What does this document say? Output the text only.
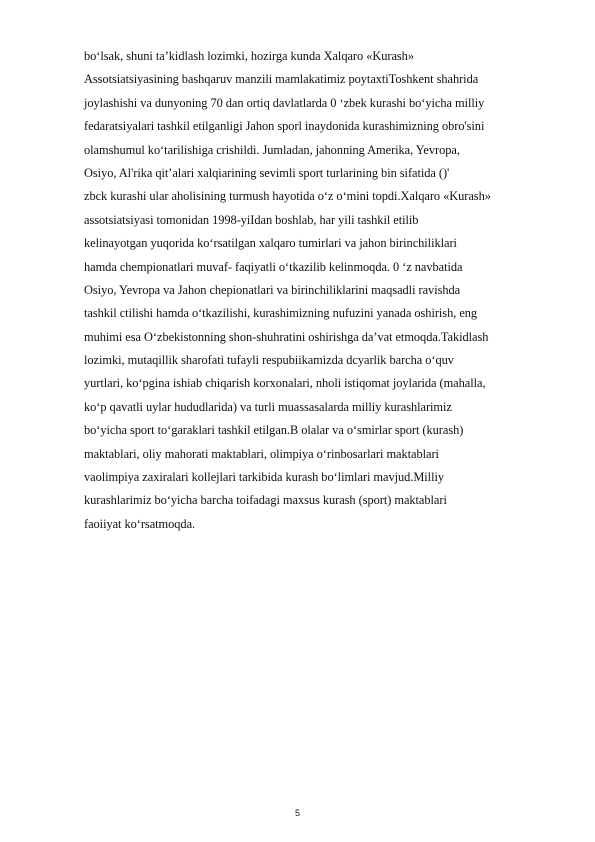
bo‘lsak, shuni ta’kidlash lozimki, hozirga kunda Xalqaro «Kurash»
Assotsiatsiyasining bashqaruv manzili mamlakatimiz poytaxtiToshkent shahrida
joylashishi va dunyoning 70 dan ortiq davlatlarda 0 ‘zbek kurashi bo‘yicha milliy
fedaratsiyalari tashkil etilganligi Jahon sporl inaydonida kurashimizning obro'sini
olamshumul ko‘tarilishiga crishildi. Jumladan, jahonning Amerika, Yevropa,
Osiyo, Al'rika qit’alari xalqiarining sevimli sport turlarining bin sifatida ()'
zbck kurashi ular aholisining turmush hayotida o‘z o‘mini topdi.Xalqaro «Kurash»
assotsiatsiyasi tomonidan 1998-yiIdan boshlab, har yili tashkil etilib
kelinayotgan yuqorida ko‘rsatilgan xalqaro tumirlari va jahon birinchiliklari
hamda chempionatlari muvaf- faqiyatli o‘tkazilib kelinmoqda. 0 ‘z navbatida
Osiyo, Yevropa va Jahon chepionatlari va birinchiliklarini maqsadli ravishda
tashkil ctilishi hamda o‘tkazilishi, kurashimizning nufuzini yanada oshirish, eng
muhimi esa O‘zbekistonning shon-shuhratini oshirishga da’vat etmoqda.Takidlash
lozimki, mutaqillik sharofati tufayli respubiikamizda dcyarlik barcha o‘quv
yurtlari, ko‘pgina ishiab chiqarish korxonalari, nholi istiqomat joylarida (mahalla,
ko‘p qavatli uylar hududlarida) va turli muassasalarda milliy kurashlarimiz
bo‘yicha sport to‘garaklari tashkil etilgan.B olalar va o‘smirlar sport (kurash)
maktablari, oliy mahorati maktablari, olimpiya o‘rinbosarlari maktablari
vaolimpiya zaxiralari kollejlari tarkibida kurash bo‘limlari mavjud.Milliy
kurashlarimiz bo‘yicha barcha toifadagi maxsus kurash (sport) maktablari
faoiiyat ko‘rsatmoqda.
5
